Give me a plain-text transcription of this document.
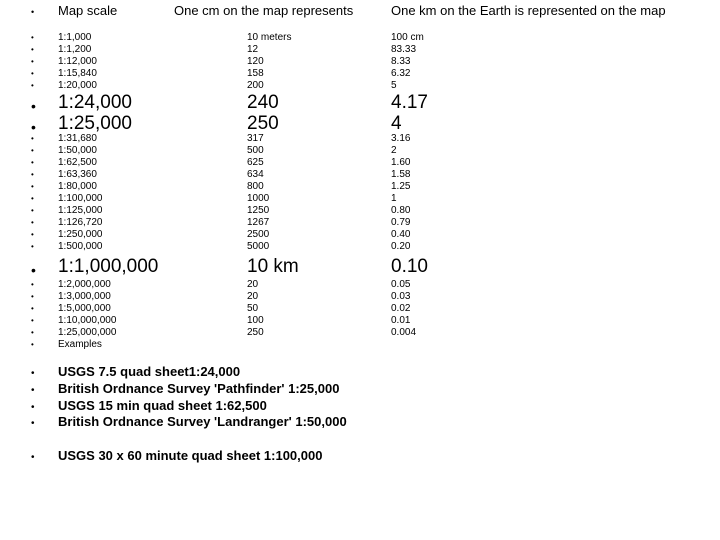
• Map scale	One cm on the map represents	One km on the Earth is represented on the map
• 1:1,000	10 meters	100 cm
• 1:1,200	12	83.33
• 1:12,000	120	8.33
• 1:15,840	158	6.32
• 1:20,000	200	5
• 1:24,000	240	4.17
• 1:25,000	250	4
• 1:31,680	317	3.16
• 1:50,000	500	2
• 1:62,500	625	1.60
• 1:63,360	634	1.58
• 1:80,000	800	1.25
• 1:100,000	1000	1
• 1:125,000	1250	0.80
• 1:126,720	1267	0.79
• 1:250,000	2500	0.40
• 1:500,000	5000	0.20
• 1:1,000,000	10 km	0.10
• 1:2,000,000	20	0.05
• 1:3,000,000	20	0.03
• 1:5,000,000	50	0.02
• 1:10,000,000	100	0.01
• 1:25,000,000	250	0.004
• Examples
• USGS 7.5 quad sheet1:24,000
• British Ordnance Survey 'Pathfinder' 1:25,000
• USGS 15 min quad sheet 1:62,500
• British Ordnance Survey 'Landranger' 1:50,000
• USGS 30 x 60 minute quad sheet 1:100,000
